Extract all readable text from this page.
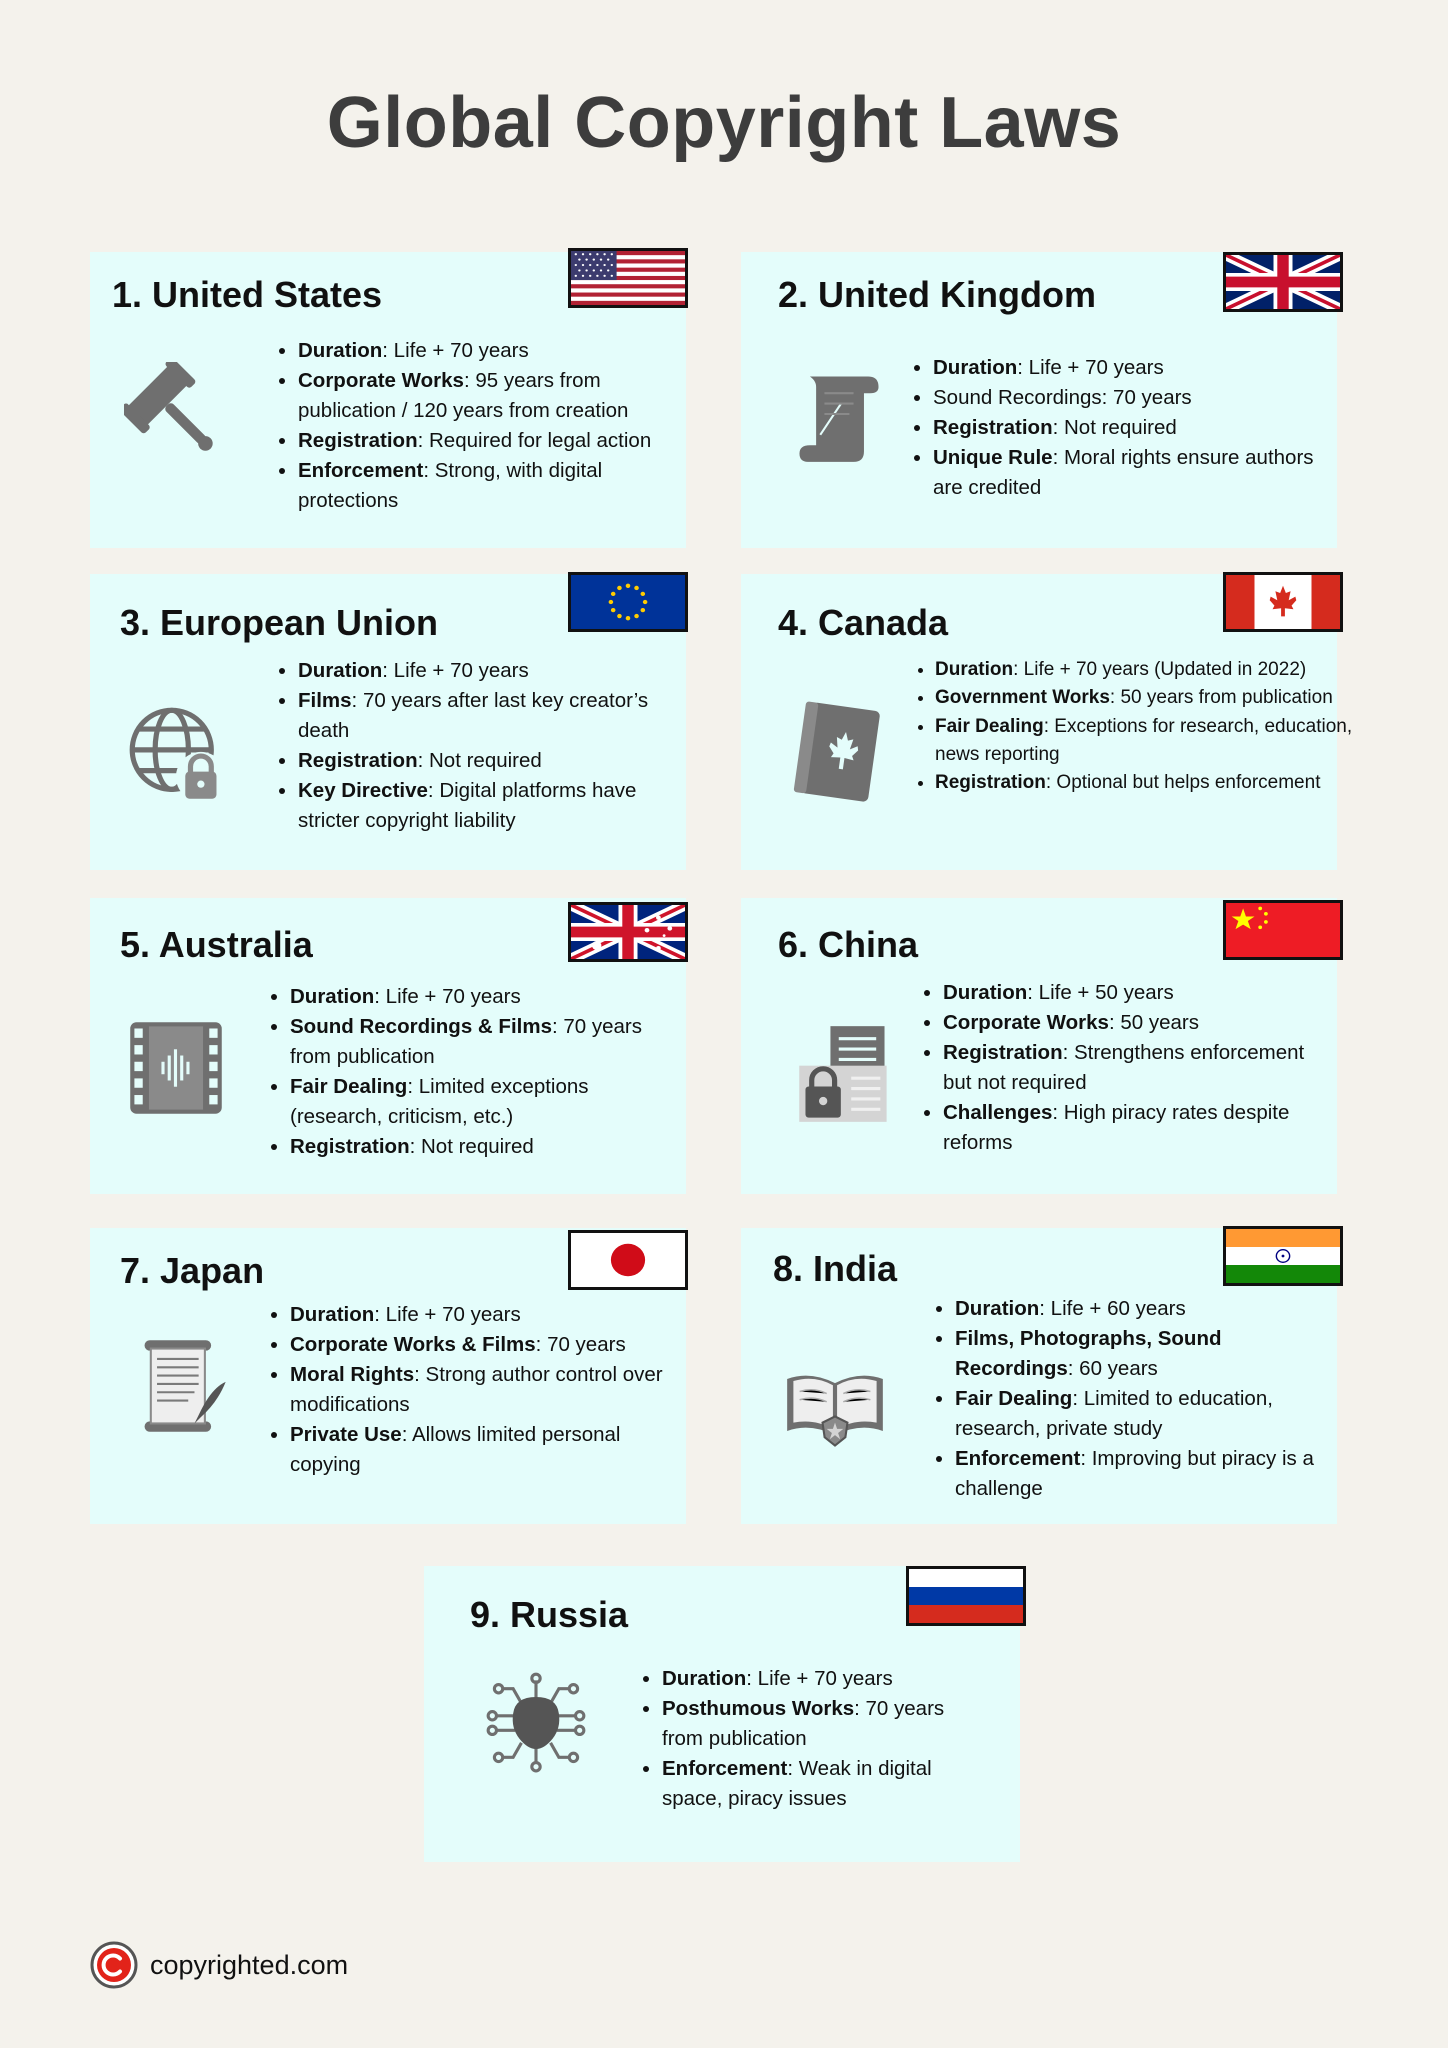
Global Copyright Laws
1. United States
• Duration: Life + 70 years
• Corporate Works: 95 years from publication / 120 years from creation
• Registration: Required for legal action
• Enforcement: Strong, with digital protections
2. United Kingdom
• Duration: Life + 70 years
• Sound Recordings: 70 years
• Registration: Not required
• Unique Rule: Moral rights ensure authors are credited
3. European Union
• Duration: Life + 70 years
• Films: 70 years after last key creator’s death
• Registration: Not required
• Key Directive: Digital platforms have stricter copyright liability
4. Canada
• Duration: Life + 70 years (Updated in 2022)
• Government Works: 50 years from publication
• Fair Dealing: Exceptions for research, education, news reporting
• Registration: Optional but helps enforcement
5. Australia
• Duration: Life + 70 years
• Sound Recordings & Films: 70 years from publication
• Fair Dealing: Limited exceptions (research, criticism, etc.)
• Registration: Not required
6. China
• Duration: Life + 50 years
• Corporate Works: 50 years
• Registration: Strengthens enforcement but not required
• Challenges: High piracy rates despite reforms
7. Japan
• Duration: Life + 70 years
• Corporate Works & Films: 70 years
• Moral Rights: Strong author control over modifications
• Private Use: Allows limited personal copying
8. India
• Duration: Life + 60 years
• Films, Photographs, Sound Recordings: 60 years
• Fair Dealing: Limited to education, research, private study
• Enforcement: Improving but piracy is a challenge
9. Russia
• Duration: Life + 70 years
• Posthumous Works: 70 years from publication
• Enforcement: Weak in digital space, piracy issues
copyrighted.com
